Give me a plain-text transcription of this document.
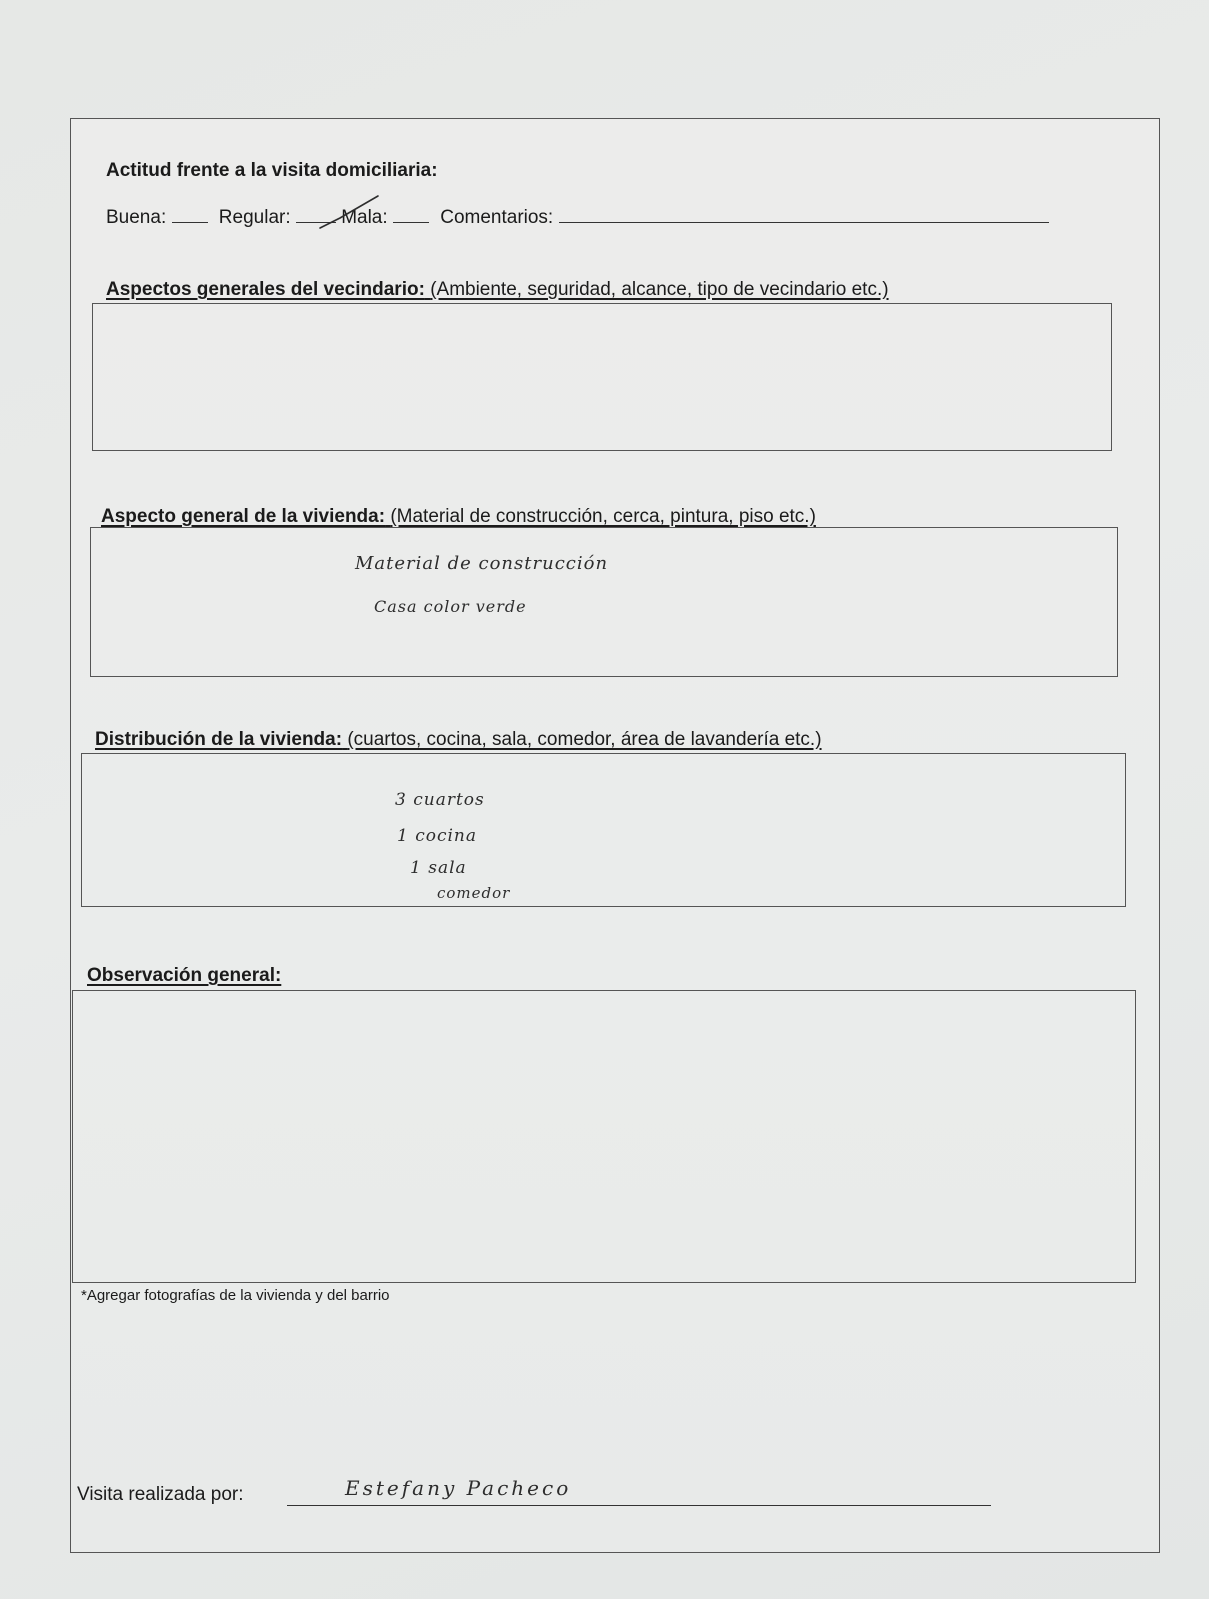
Actitud frente a la visita domiciliaria:
Buena:	Regular:	Mala:	Comentarios:
Aspectos generales del vecindario: (Ambiente, seguridad, alcance, tipo de vecindario etc.)
Aspecto general de la vivienda: (Material de construcción, cerca, pintura, piso etc.)
Material de construcción
Casa color verde
Distribución de la vivienda: (cuartos, cocina, sala, comedor, área de lavandería etc.)
3 cuartos
1 cocina
1 sala
comedor
Observación general:
*Agregar fotografías de la vivienda y del barrio
Visita realizada por:	Estefany Pacheco
